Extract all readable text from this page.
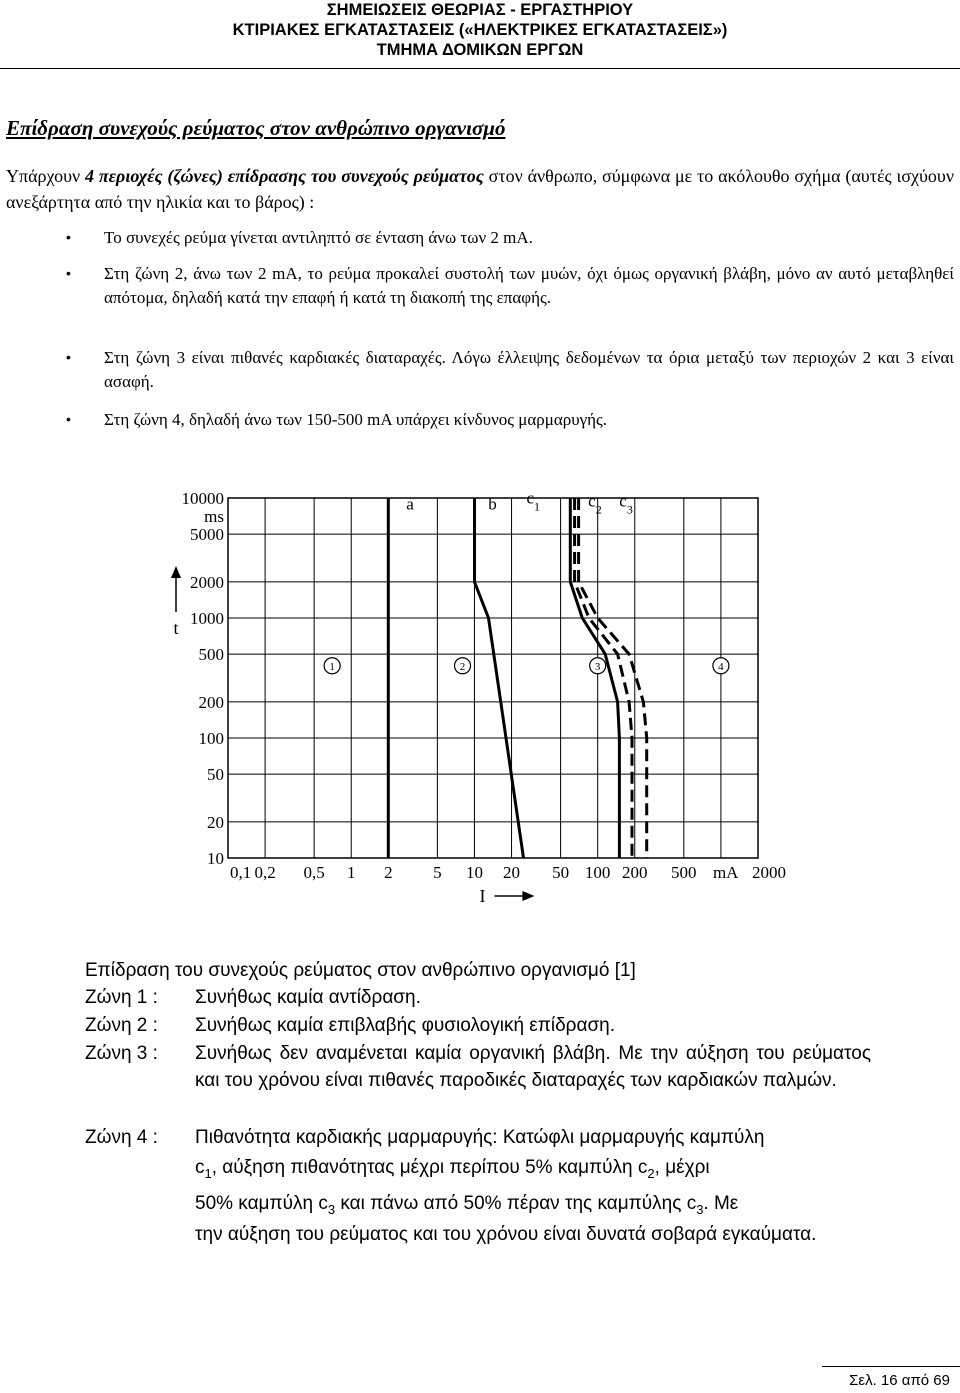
ΣΗΜΕΙΩΣΕΙΣ ΘΕΩΡΙΑΣ - ΕΡΓΑΣΤΗΡΙΟΥ
ΚΤΙΡΙΑΚΕΣ ΕΓΚΑΤΑΣΤΑΣΕΙΣ («ΗΛΕΚΤΡΙΚΕΣ ΕΓΚΑΤΑΣΤΑΣΕΙΣ»)
ΤΜΗΜΑ ΔΟΜΙΚΩΝ ΕΡΓΩΝ
Επίδραση συνεχούς ρεύματος στον ανθρώπινο οργανισμό
Υπάρχουν 4 περιοχές (ζώνες) επίδρασης του συνεχούς ρεύματος στον άνθρωπο, σύμφωνα με το ακόλουθο σχήμα (αυτές ισχύουν ανεξάρτητα από την ηλικία και το βάρος) :
• Το συνεχές ρεύμα γίνεται αντιληπτό σε ένταση άνω των 2 mA.
• Στη ζώνη 2, άνω των 2 mA, το ρεύμα προκαλεί συστολή των μυών, όχι όμως οργανική βλάβη, μόνο αν αυτό μεταβληθεί απότομα, δηλαδή κατά την επαφή ή κατά τη διακοπή της επαφής.
• Στη ζώνη 3 είναι πιθανές καρδιακές διαταραχές. Λόγω έλλειψης δεδομένων τα όρια μεταξύ των περιοχών 2 και 3 είναι ασαφή.
• Στη ζώνη 4, δηλαδή άνω των 150-500 mA υπάρχει κίνδυνος μαρμαρυγής.
10
20
50
100
200
500
1000
2000
5000
10000
ms
t
0,1 0,2 0,5 1 2 5 10 20 50 100 200 500	2000
mA
I
a	b $c_1$	$c_2$ $c_3$
1	2	3	4
Επίδραση του συνεχούς ρεύματος στον ανθρώπινο οργανισμό [1]
Ζώνη 1 : Συνήθως καμία αντίδραση.
Ζώνη 2 : Συνήθως καμία επιβλαβής φυσιολογική επίδραση.
Ζώνη 3 : Συνήθως δεν αναμένεται καμία οργανική βλάβη. Με την αύξηση του ρεύματος και του χρόνου είναι πιθανές παροδικές διαταραχές των καρδιακών παλμών.
Ζώνη 4 : Πιθανότητα καρδιακής μαρμαρυγής: Κατώφλι μαρμαρυγής καμπύλη
$c_1$, αύξηση πιθανότητας μέχρι περίπου 5% καμπύλη $c_2$, μέχρι
50% καμπύλη $c_3$ και πάνω από 50% πέραν της καμπύλης $c_3$. Με
την αύξηση του ρεύματος και του χρόνου είναι δυνατά σοβαρά εγκαύματα.
Σελ. 16 από 69
